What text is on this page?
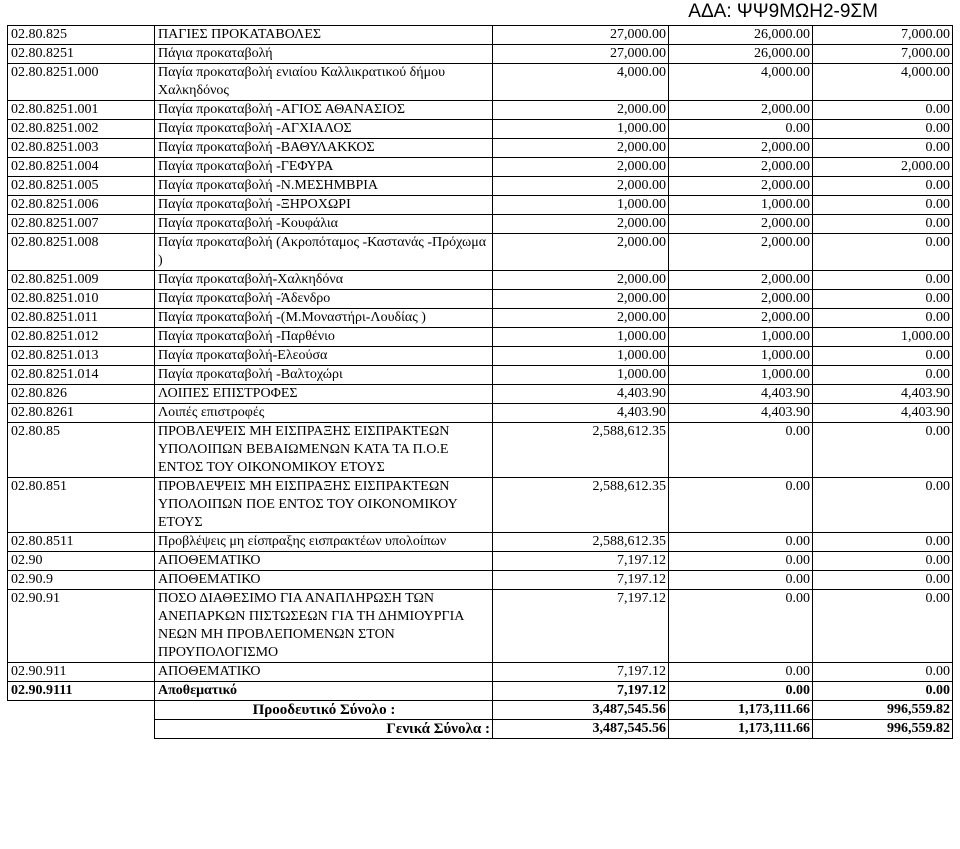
ΑΔΑ: ΨΨ9ΜΩΗ2-9ΣΜ
02.80.825	ΠΑΓΙΕΣ ΠΡΟΚΑΤΑΒΟΛΕΣ	27,000.00	26,000.00	7,000.00
02.80.8251	Πάγια προκαταβολή	27,000.00	26,000.00	7,000.00
02.80.8251.000	Παγία προκαταβολή ενιαίου Καλλικρατικού δήμου Χαλκηδόνος	4,000.00	4,000.00	4,000.00
02.80.8251.001	Παγία προκαταβολή -ΑΓΙΟΣ ΑΘΑΝΑΣΙΟΣ	2,000.00	2,000.00	0.00
02.80.8251.002	Παγία προκαταβολή -ΑΓΧΙΑΛΟΣ	1,000.00	0.00	0.00
02.80.8251.003	Παγία προκαταβολή -ΒΑΘΥΛΑΚΚΟΣ	2,000.00	2,000.00	0.00
02.80.8251.004	Παγία προκαταβολή -ΓΕΦΥΡΑ	2,000.00	2,000.00	2,000.00
02.80.8251.005	Παγία προκαταβολή -Ν.ΜΕΣΗΜΒΡΙΑ	2,000.00	2,000.00	0.00
02.80.8251.006	Παγία προκαταβολή -ΞΗΡΟΧΩΡΙ	1,000.00	1,000.00	0.00
02.80.8251.007	Παγία προκαταβολή -Κουφάλια	2,000.00	2,000.00	0.00
02.80.8251.008	Παγία προκαταβολή (Ακροπόταμος -Καστανάς -Πρόχωμα )	2,000.00	2,000.00	0.00
02.80.8251.009	Παγία προκαταβολή-Χαλκηδόνα	2,000.00	2,000.00	0.00
02.80.8251.010	Παγία προκαταβολή -Άδενδρο	2,000.00	2,000.00	0.00
02.80.8251.011	Παγία προκαταβολή -(Μ.Μοναστήρι-Λουδίας )	2,000.00	2,000.00	0.00
02.80.8251.012	Παγία προκαταβολή -Παρθένιο	1,000.00	1,000.00	1,000.00
02.80.8251.013	Παγία προκαταβολή-Ελεούσα	1,000.00	1,000.00	0.00
02.80.8251.014	Παγία προκαταβολή -Βαλτοχώρι	1,000.00	1,000.00	0.00
02.80.826	ΛΟΙΠΕΣ ΕΠΙΣΤΡΟΦΕΣ	4,403.90	4,403.90	4,403.90
02.80.8261	Λοιπές επιστροφές	4,403.90	4,403.90	4,403.90
02.80.85	ΠΡΟΒΛΕΨΕΙΣ ΜΗ ΕΙΣΠΡΑΞΗΣ ΕΙΣΠΡΑΚΤΕΩΝ ΥΠΟΛΟΙΠΩΝ ΒΕΒΑΙΩΜΕΝΩΝ ΚΑΤΑ ΤΑ Π.Ο.Ε ΕΝΤΟΣ ΤΟΥ ΟΙΚΟΝΟΜΙΚΟΥ ΕΤΟΥΣ	2,588,612.35	0.00	0.00
02.80.851	ΠΡΟΒΛΕΨΕΙΣ ΜΗ ΕΙΣΠΡΑΞΗΣ ΕΙΣΠΡΑΚΤΕΩΝ ΥΠΟΛΟΙΠΩΝ ΠΟΕ ΕΝΤΟΣ ΤΟΥ ΟΙΚΟΝΟΜΙΚΟΥ ΕΤΟΥΣ	2,588,612.35	0.00	0.00
02.80.8511	Προβλέψεις μη είσπραξης εισπρακτέων υπολοίπων	2,588,612.35	0.00	0.00
02.90	ΑΠΟΘΕΜΑΤΙΚΟ	7,197.12	0.00	0.00
02.90.9	ΑΠΟΘΕΜΑΤΙΚΟ	7,197.12	0.00	0.00
02.90.91	ΠΟΣΟ ΔΙΑΘΕΣΙΜΟ ΓΙΑ ΑΝΑΠΛΗΡΩΣΗ ΤΩΝ ΑΝΕΠΑΡΚΩΝ ΠΙΣΤΩΣΕΩΝ ΓΙΑ ΤΗ ΔΗΜΙΟΥΡΓΙΑ ΝΕΩΝ ΜΗ ΠΡΟΒΛΕΠΟΜΕΝΩΝ ΣΤΟΝ ΠΡΟΥΠΟΛΟΓΙΣΜΟ	7,197.12	0.00	0.00
02.90.911	ΑΠΟΘΕΜΑΤΙΚΟ	7,197.12	0.00	0.00
02.90.9111	Αποθεματικό	7,197.12	0.00	0.00
	Προοδευτικό Σύνολο :	3,487,545.56	1,173,111.66	996,559.82
	Γενικά Σύνολα :	3,487,545.56	1,173,111.66	996,559.82
